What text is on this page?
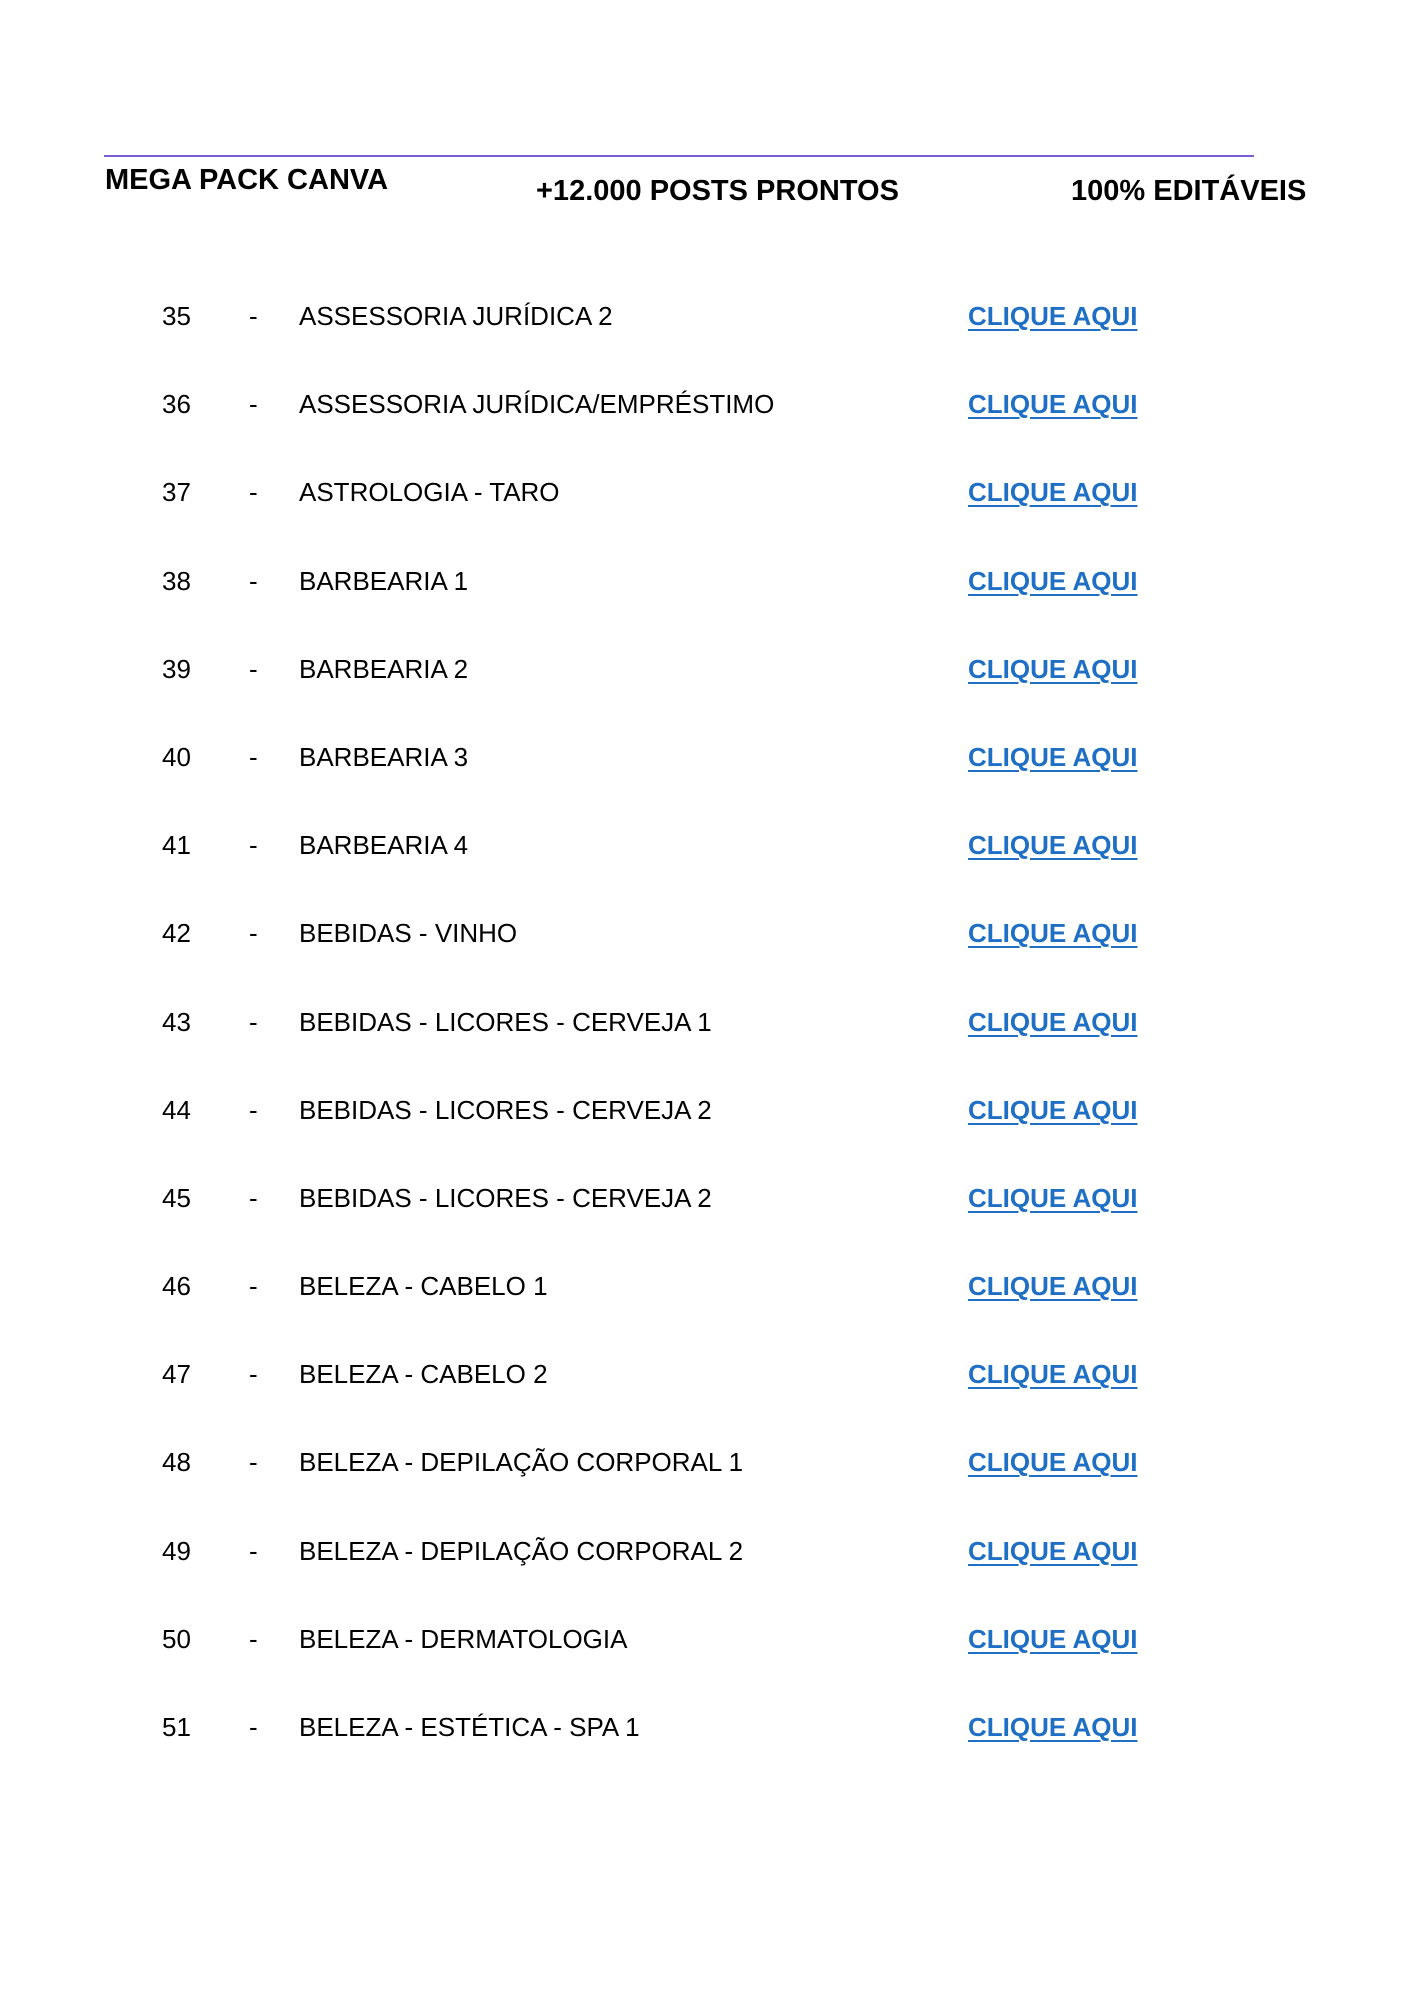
MEGA PACK CANVA	+12.000 POSTS PRONTOS	100% EDITÁVEIS
35 - ASSESSORIA JURÍDICA 2	CLIQUE AQUI
36 - ASSESSORIA JURÍDICA/EMPRÉSTIMO	CLIQUE AQUI
37 - ASTROLOGIA - TARO	CLIQUE AQUI
38 - BARBEARIA 1	CLIQUE AQUI
39 - BARBEARIA 2	CLIQUE AQUI
40 - BARBEARIA 3	CLIQUE AQUI
41 - BARBEARIA 4	CLIQUE AQUI
42 - BEBIDAS - VINHO	CLIQUE AQUI
43 - BEBIDAS - LICORES - CERVEJA 1	CLIQUE AQUI
44 - BEBIDAS - LICORES - CERVEJA 2	CLIQUE AQUI
45 - BEBIDAS - LICORES - CERVEJA 2	CLIQUE AQUI
46 - BELEZA - CABELO 1	CLIQUE AQUI
47 - BELEZA - CABELO 2	CLIQUE AQUI
48 - BELEZA - DEPILAÇÃO CORPORAL 1	CLIQUE AQUI
49 - BELEZA - DEPILAÇÃO CORPORAL 2	CLIQUE AQUI
50 - BELEZA - DERMATOLOGIA	CLIQUE AQUI
51 - BELEZA - ESTÉTICA - SPA 1	CLIQUE AQUI
